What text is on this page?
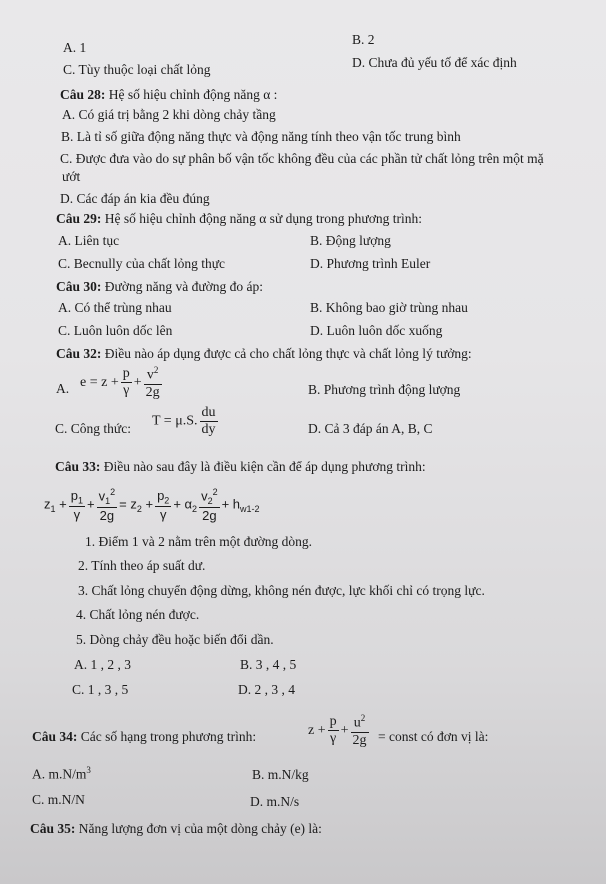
A. 1
B. 2
C. Tùy thuộc loại chất lỏng	D. Chưa đủ yếu tố để xác định
Câu 28: Hệ số hiệu chỉnh động năng α :
A. Có giá trị bằng 2 khi dòng chảy tầng
B. Là tỉ số giữa động năng thực và động năng tính theo vận tốc trung bình
C. Được đưa vào do sự phân bố vận tốc không đều của các phần tử chất lỏng trên một mặ
ướt
D. Các đáp án kia đều đúng
Câu 29: Hệ số hiệu chỉnh động năng α sử dụng trong phương trình:
A. Liên tục	B. Động lượng
C. Becnully của chất lỏng thực	D. Phương trình Euler
Câu 30: Đường năng và đường đo áp:
A. Có thể trùng nhau	B. Không bao giờ trùng nhau
C. Luôn luôn dốc lên	D. Luôn luôn dốc xuống
Câu 32: Điều nào áp dụng được cả cho chất lỏng thực và chất lỏng lý tưởng:
A. $e = z + \frac{p}{\gamma} + \frac{v^2}{2g}$	B. Phương trình động lượng
C. Công thức: T = μ.S. $\frac{du}{dy}$	D. Cả 3 đáp án A, B, C
Câu 33: Điều nào sau đây là điều kiện cần để áp dụng phương trình:
$z_1 + \frac{p_1}{\gamma} + \frac{v_1^2}{2g} = z_2 + \frac{p_2}{\gamma} + \alpha_2 \frac{v_2^2}{2g} + h_{w1-2}$
1. Điểm 1 và 2 nằm trên một đường dòng.
2. Tính theo áp suất dư.
3. Chất lỏng chuyển động dừng, không nén được, lực khối chỉ có trọng lực.
4. Chất lỏng nén được.
5. Dòng chảy đều hoặc biến đổi dần.
A. 1 , 2 , 3	B. 3 , 4 , 5
C. 1 , 3 , 5	D. 2 , 3 , 4
Câu 34: Các số hạng trong phương trình:	$z + \frac{p}{\gamma} + \frac{u^2}{2g}$ = const có đơn vị là:
A. $m.N/m^3$	B. m.N/kg
C. m.N/N	D. m.N/s
Câu 35: Năng lượng đơn vị của một dòng chảy (e) là:
